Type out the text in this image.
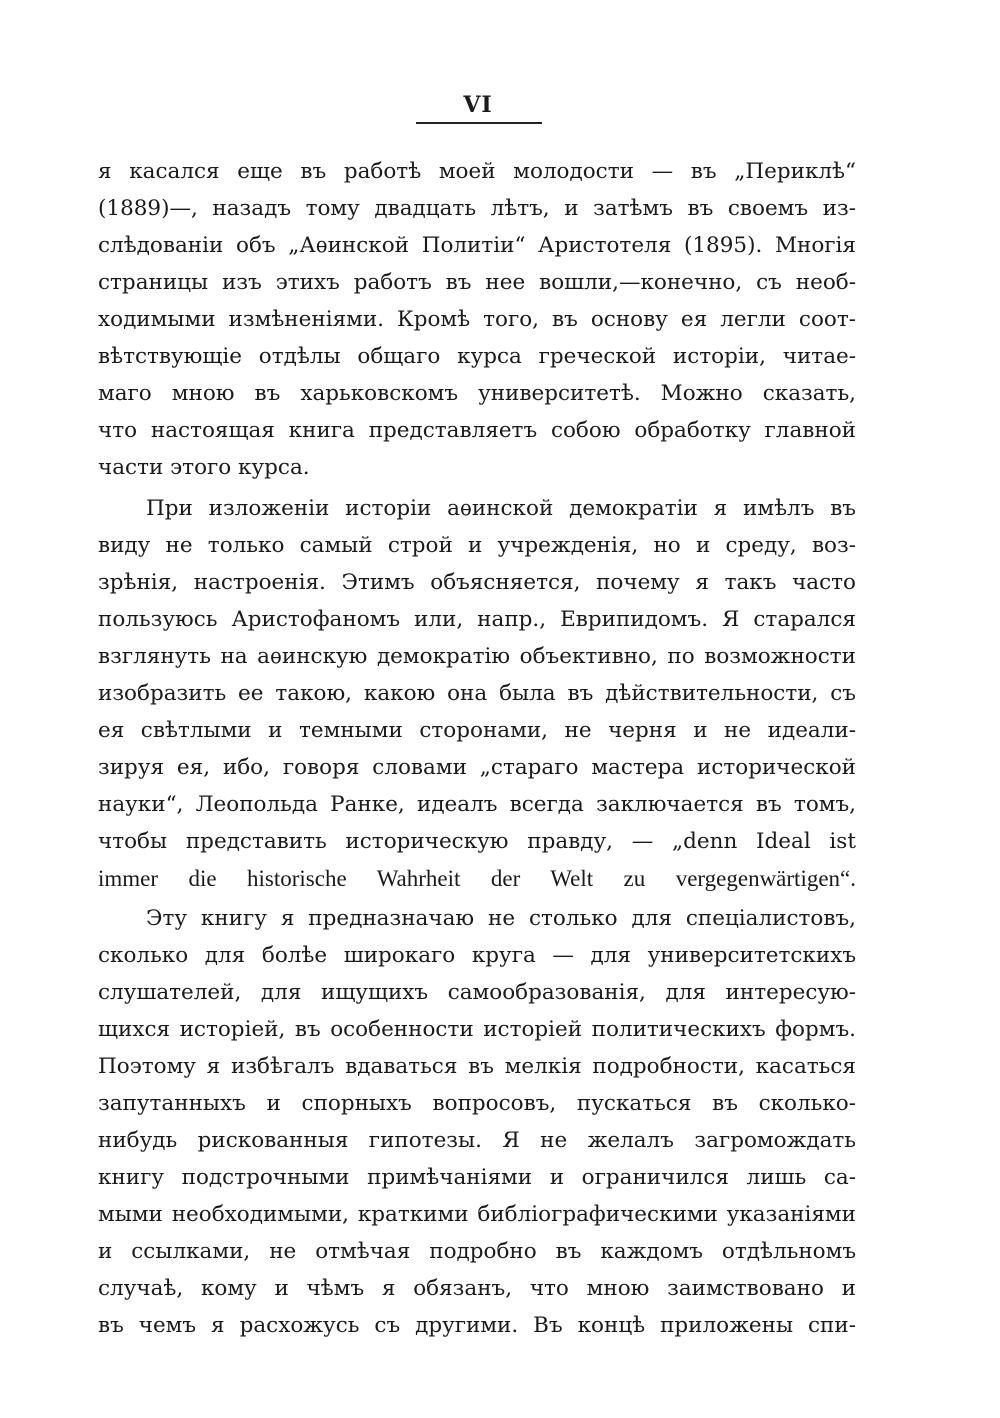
VI
я касался еще въ работѣ моей молодости — въ „Периклѣ“
(1889)—, назадъ тому двадцать лѣтъ, и затѣмъ въ своемъ из-
слѣдованіи объ „Аѳинской Политіи“ Аристотеля (1895). Многія
страницы изъ этихъ работъ въ нее вошли,—конечно, съ необ-
ходимыми измѣненіями. Кромѣ того, въ основу ея легли соот-
вѣтствующіе отдѣлы общаго курса греческой исторіи, читае-
маго мною въ харьковскомъ университетѣ. Можно сказать,
что настоящая книга представляетъ собою обработку главной
части этого курса.
При изложеніи исторіи аѳинской демократіи я имѣлъ въ
виду не только самый строй и учрежденія, но и среду, воз-
зрѣнія, настроенія. Этимъ объясняется, почему я такъ часто
пользуюсь Аристофаномъ или, напр., Еврипидомъ. Я старался
взглянуть на аѳинскую демократію объективно, по возможности
изобразить ее такою, какою она была въ дѣйствительности, съ
ея свѣтлыми и темными сторонами, не черня и не идеали-
зируя ея, ибо, говоря словами „стараго мастера исторической
науки“, Леопольда Ранке, идеалъ всегда заключается въ томъ,
чтобы представить историческую правду, — „denn Ideal ist
immer die historische Wahrheit der Welt zu vergegenwärtigen“.
Эту книгу я предназначаю не столько для спеціалистовъ,
сколько для болѣе широкаго круга — для университетскихъ
слушателей, для ищущихъ самообразованія, для интересую-
щихся исторіей, въ особенности исторіей политическихъ формъ.
Поэтому я избѣгалъ вдаваться въ мелкія подробности, касаться
запутанныхъ и спорныхъ вопросовъ, пускаться въ сколько-
нибудь рискованныя гипотезы. Я не желалъ загромождать
книгу подстрочными примѣчаніями и ограничился лишь са-
мыми необходимыми, краткими библіографическими указаніями
и ссылками, не отмѣчая подробно въ каждомъ отдѣльномъ
случаѣ, кому и чѣмъ я обязанъ, что мною заимствовано и
въ чемъ я расхожусь съ другими. Въ концѣ приложены спи-
